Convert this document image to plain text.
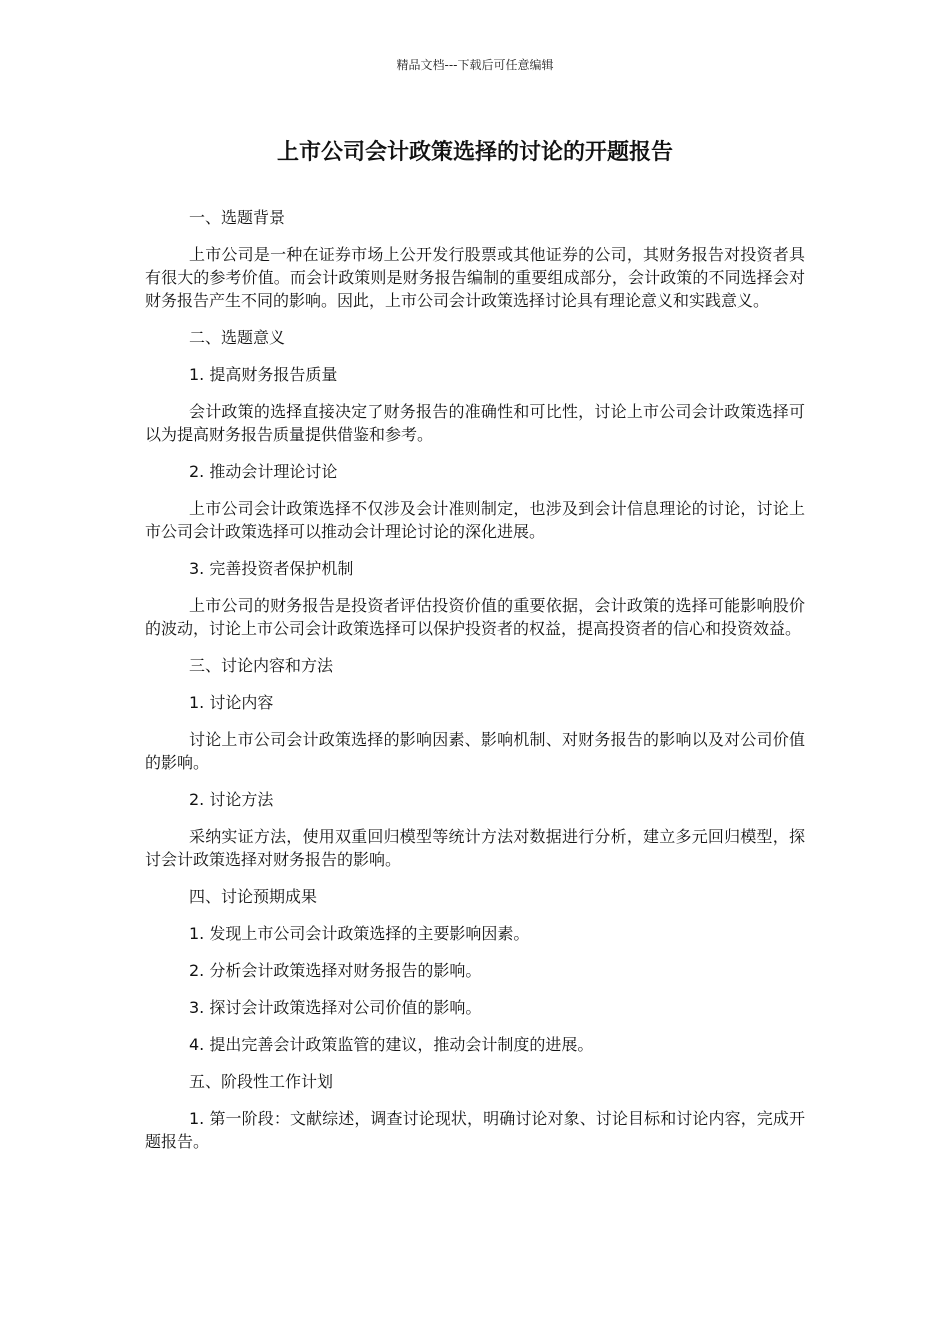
精品文档---下载后可任意编辑
上市公司会计政策选择的讨论的开题报告

一、选题背景

上市公司是一种在证券市场上公开发行股票或其他证券的公司，其财务报告对投资者具有很大的参考价值。而会计政策则是财务报告编制的重要组成部分，会计政策的不同选择会对财务报告产生不同的影响。因此，上市公司会计政策选择讨论具有理论意义和实践意义。

二、选题意义

1. 提高财务报告质量

会计政策的选择直接决定了财务报告的准确性和可比性，讨论上市公司会计政策选择可以为提高财务报告质量提供借鉴和参考。

2. 推动会计理论讨论

上市公司会计政策选择不仅涉及会计准则制定，也涉及到会计信息理论的讨论，讨论上市公司会计政策选择可以推动会计理论讨论的深化进展。

3. 完善投资者保护机制

上市公司的财务报告是投资者评估投资价值的重要依据，会计政策的选择可能影响股价的波动，讨论上市公司会计政策选择可以保护投资者的权益，提高投资者的信心和投资效益。

三、讨论内容和方法

1. 讨论内容

讨论上市公司会计政策选择的影响因素、影响机制、对财务报告的影响以及对公司价值的影响。

2. 讨论方法

采纳实证方法，使用双重回归模型等统计方法对数据进行分析，建立多元回归模型，探讨会计政策选择对财务报告的影响。

四、讨论预期成果

1. 发现上市公司会计政策选择的主要影响因素。

2. 分析会计政策选择对财务报告的影响。

3. 探讨会计政策选择对公司价值的影响。

4. 提出完善会计政策监管的建议，推动会计制度的进展。

五、阶段性工作计划

1. 第一阶段：文献综述，调查讨论现状，明确讨论对象、讨论目标和讨论内容，完成开题报告。
